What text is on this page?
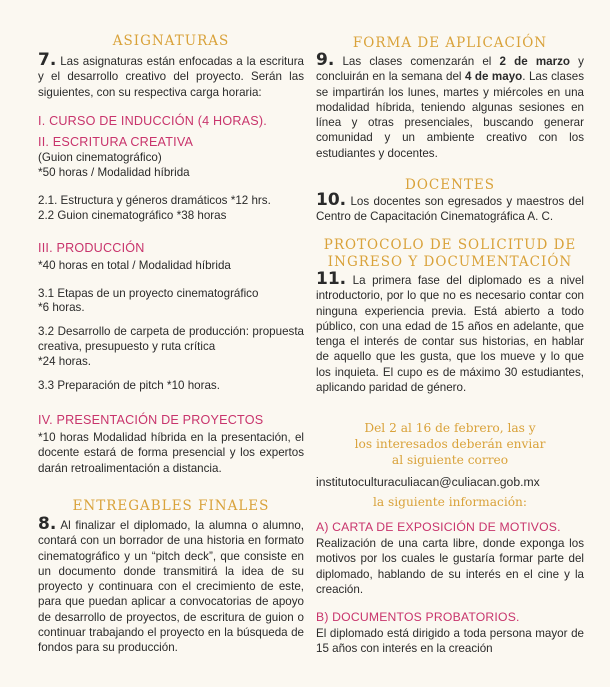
ASIGNATURAS
7. Las asignaturas están enfocadas a la escritura y el desarrollo creativo del proyecto. Serán las siguientes, con su respectiva carga horaria:
I. CURSO DE INDUCCIÓN (4 HORAS).
II. ESCRITURA CREATIVA
(Guion cinematográfico)
*50 horas / Modalidad híbrida
2.1. Estructura y géneros dramáticos *12 hrs.
2.2 Guion cinematográfico *38 horas
III. PRODUCCIÓN
*40 horas en total / Modalidad híbrida
3.1 Etapas de un proyecto cinematográfico
*6 horas.
3.2 Desarrollo de carpeta de producción: propuesta creativa, presupuesto y ruta crítica
*24 horas.
3.3 Preparación de pitch *10 horas.
IV. PRESENTACIÓN DE PROYECTOS
*10 horas Modalidad híbrida en la presentación, el docente estará de forma presencial y los expertos darán retroalimentación a distancia.
ENTREGABLES FINALES
8. Al finalizar el diplomado, la alumna o alumno, contará con un borrador de una historia en formato cinematográfico y un “pitch deck”, que consiste en un documento donde transmitirá la idea de su proyecto y continuara con el crecimiento de este, para que puedan aplicar a convocatorias de apoyo de desarrollo de proyectos, de escritura de guion o continuar trabajando el proyecto en la búsqueda de fondos para su producción.
FORMA DE APLICACIÓN
9. Las clases comenzarán el 2 de marzo y concluirán en la semana del 4 de mayo. Las clases se impartirán los lunes, martes y miércoles en una modalidad híbrida, teniendo algunas sesiones en línea y otras presenciales, buscando generar comunidad y un ambiente creativo con los estudiantes y docentes.
DOCENTES
10. Los docentes son egresados y maestros del Centro de Capacitación Cinematográfica A. C.
PROTOCOLO DE SOLICITUD DE
INGRESO Y DOCUMENTACIÓN
11. La primera fase del diplomado es a nivel introductorio, por lo que no es necesario contar con ninguna experiencia previa. Está abierto a todo público, con una edad de 15 años en adelante, que tenga el interés de contar sus historias, en hablar de aquello que les gusta, que los mueve y lo que los inquieta. El cupo es de máximo 30 estudiantes, aplicando paridad de género.
Del 2 al 16 de febrero, las y
los interesados deberán enviar
al siguiente correo
institutoculturaculiacan@culiacan.gob.mx
la siguiente información:
A) CARTA DE EXPOSICIÓN DE MOTIVOS.
Realización de una carta libre, donde exponga los motivos por los cuales le gustaría formar parte del diplomado, hablando de su interés en el cine y la creación.
B) DOCUMENTOS PROBATORIOS.
El diplomado está dirigido a toda persona mayor de 15 años con interés en la creación
